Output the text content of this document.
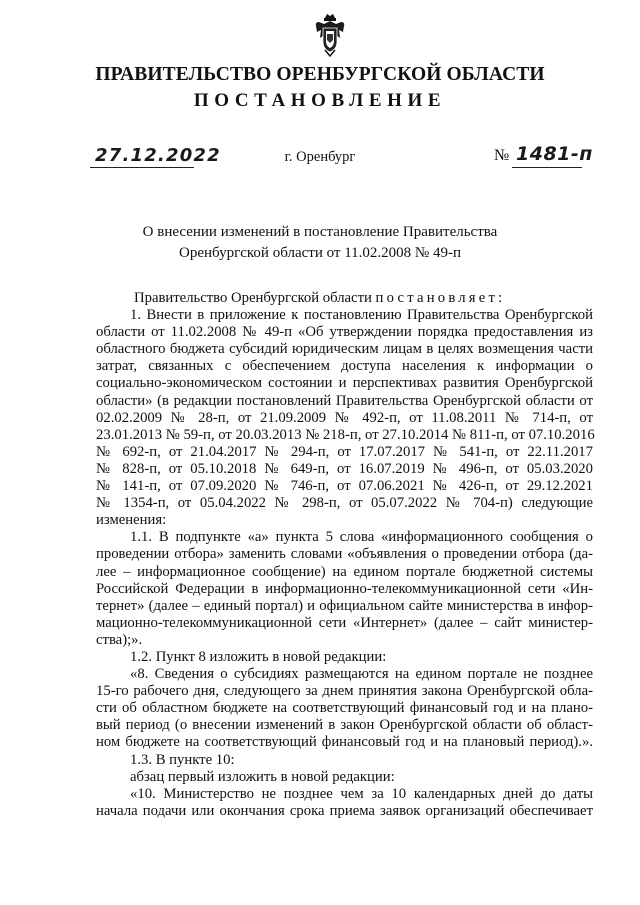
ПРАВИТЕЛЬСТВО ОРЕНБУРГСКОЙ ОБЛАСТИ
ПОСТАНОВЛЕНИЕ
27.12.2022	г. Оренбург	№ 1481-п
О внесении изменений в постановление Правительства
Оренбургской области от 11.02.2008 № 49-п
Правительство Оренбургской области постановляет:
1. Внести в приложение к постановлению Правительства Оренбургской
области от 11.02.2008 № 49-п «Об утверждении порядка предоставления из
областного бюджета субсидий юридическим лицам в целях возмещения части
затрат, связанных с обеспечением доступа населения к информации о
социально-экономическом состоянии и перспективах развития Оренбургской
области» (в редакции постановлений Правительства Оренбургской области от
02.02.2009 № 28-п, от 21.09.2009 № 492-п, от 11.08.2011 № 714-п, от
23.01.2013 № 59-п, от 20.03.2013 № 218-п, от 27.10.2014 № 811-п, от 07.10.2016
№ 692-п, от 21.04.2017 № 294-п, от 17.07.2017 № 541-п, от 22.11.2017
№ 828-п, от 05.10.2018 № 649-п, от 16.07.2019 № 496-п, от 05.03.2020
№ 141-п, от 07.09.2020 № 746-п, от 07.06.2021 № 426-п, от 29.12.2021
№ 1354-п, от 05.04.2022 № 298-п, от 05.07.2022 № 704-п) следующие
изменения:
1.1. В подпункте «а» пункта 5 слова «информационного сообщения о
проведении отбора» заменить словами «объявления о проведении отбора (да-
лее – информационное сообщение) на едином портале бюджетной системы
Российской Федерации в информационно-телекоммуникационной сети «Ин-
тернет» (далее – единый портал) и официальном сайте министерства в инфор-
мационно-телекоммуникационной сети «Интернет» (далее – сайт министер-
ства);».
1.2. Пункт 8 изложить в новой редакции:
«8. Сведения о субсидиях размещаются на едином портале не позднее
15-го рабочего дня, следующего за днем принятия закона Оренбургской обла-
сти об областном бюджете на соответствующий финансовый год и на плано-
вый период (о внесении изменений в закон Оренбургской области об област-
ном бюджете на соответствующий финансовый год и на плановый период).».
1.3. В пункте 10:
абзац первый изложить в новой редакции:
«10. Министерство не позднее чем за 10 календарных дней до даты
начала подачи или окончания срока приема заявок организаций обеспечивает
